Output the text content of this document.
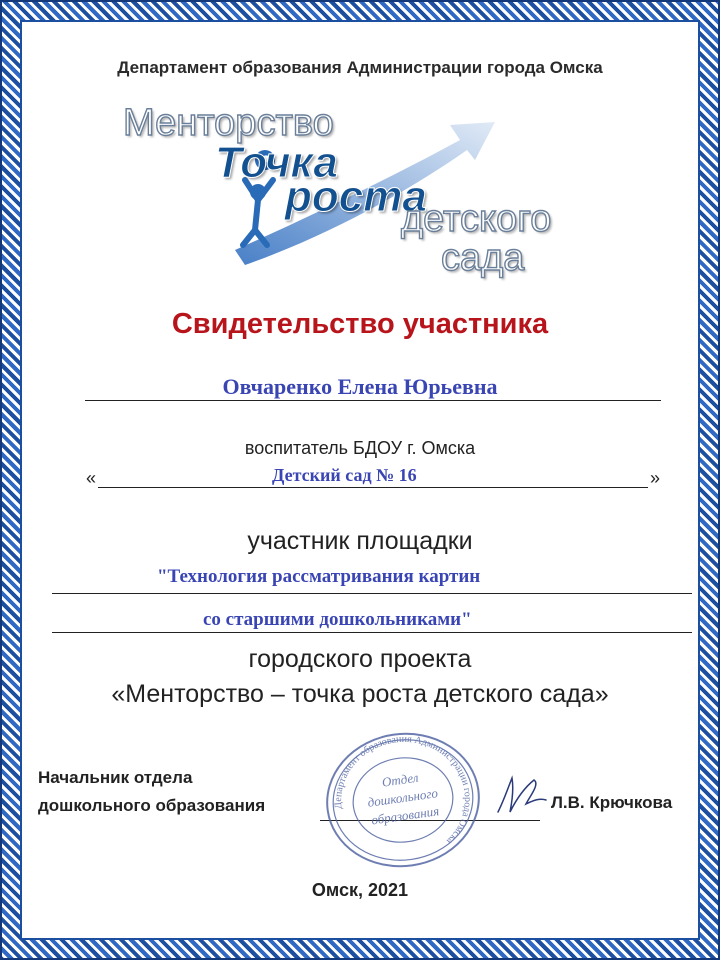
Департамент образования Администрации города Омска
Менторство
Точка
роста
детского
сада
Свидетельство участника
Овчаренко Елена Юрьевна
воспитатель БДОУ г. Омска
«	Детский сад № 16	»
участник площадки
"Технология рассматривания картин
со старшими дошкольниками"
городского проекта
«Менторство – точка роста детского сада»
Начальник отдела
дошкольного образования	Департамент образования Администрации города Омска
Отдел
дошкольного
образования
Л.В. Крючкова
Омск, 2021
